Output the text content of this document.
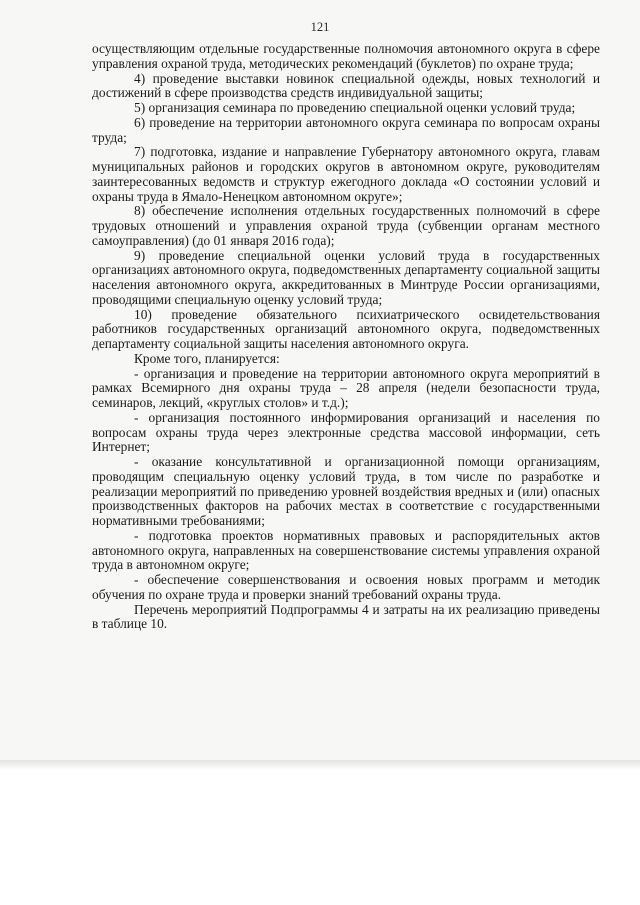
121

осуществляющим отдельные государственные полномочия автономного округа в сфере управления охраной труда, методических рекомендаций (буклетов) по охране труда;

4) проведение выставки новинок специальной одежды, новых технологий и достижений в сфере производства средств индивидуальной защиты;

5) организация семинара по проведению специальной оценки условий труда;

6) проведение на территории автономного округа семинара по вопросам охраны труда;

7) подготовка, издание и направление Губернатору автономного округа, главам муниципальных районов и городских округов в автономном округе, руководителям заинтересованных ведомств и структур ежегодного доклада «О состоянии условий и охраны труда в Ямало-Ненецком автономном округе»;

8) обеспечение исполнения отдельных государственных полномочий в сфере трудовых отношений и управления охраной труда (субвенции органам местного самоуправления) (до 01 января 2016 года);

9) проведение специальной оценки условий труда в государственных организациях автономного округа, подведомственных департаменту социальной защиты населения автономного округа, аккредитованных в Минтруде России организациями, проводящими специальную оценку условий труда;

10) проведение обязательного психиатрического освидетельствования работников государственных организаций автономного округа, подведомственных департаменту социальной защиты населения автономного округа.

Кроме того, планируется:

- организация и проведение на территории автономного округа мероприятий в рамках Всемирного дня охраны труда – 28 апреля (недели безопасности труда, семинаров, лекций, «круглых столов» и т.д.);

- организация постоянного информирования организаций и населения по вопросам охраны труда через электронные средства массовой информации, сеть Интернет;

- оказание консультативной и организационной помощи организациям, проводящим специальную оценку условий труда, в том числе по разработке и реализации мероприятий по приведению уровней воздействия вредных и (или) опасных производственных факторов на рабочих местах в соответствие с государственными нормативными требованиями;

- подготовка проектов нормативных правовых и распорядительных актов автономного округа, направленных на совершенствование системы управления охраной труда в автономном округе;

- обеспечение совершенствования и освоения новых программ и методик обучения по охране труда и проверки знаний требований охраны труда.

Перечень мероприятий Подпрограммы 4 и затраты на их реализацию приведены в таблице 10.
